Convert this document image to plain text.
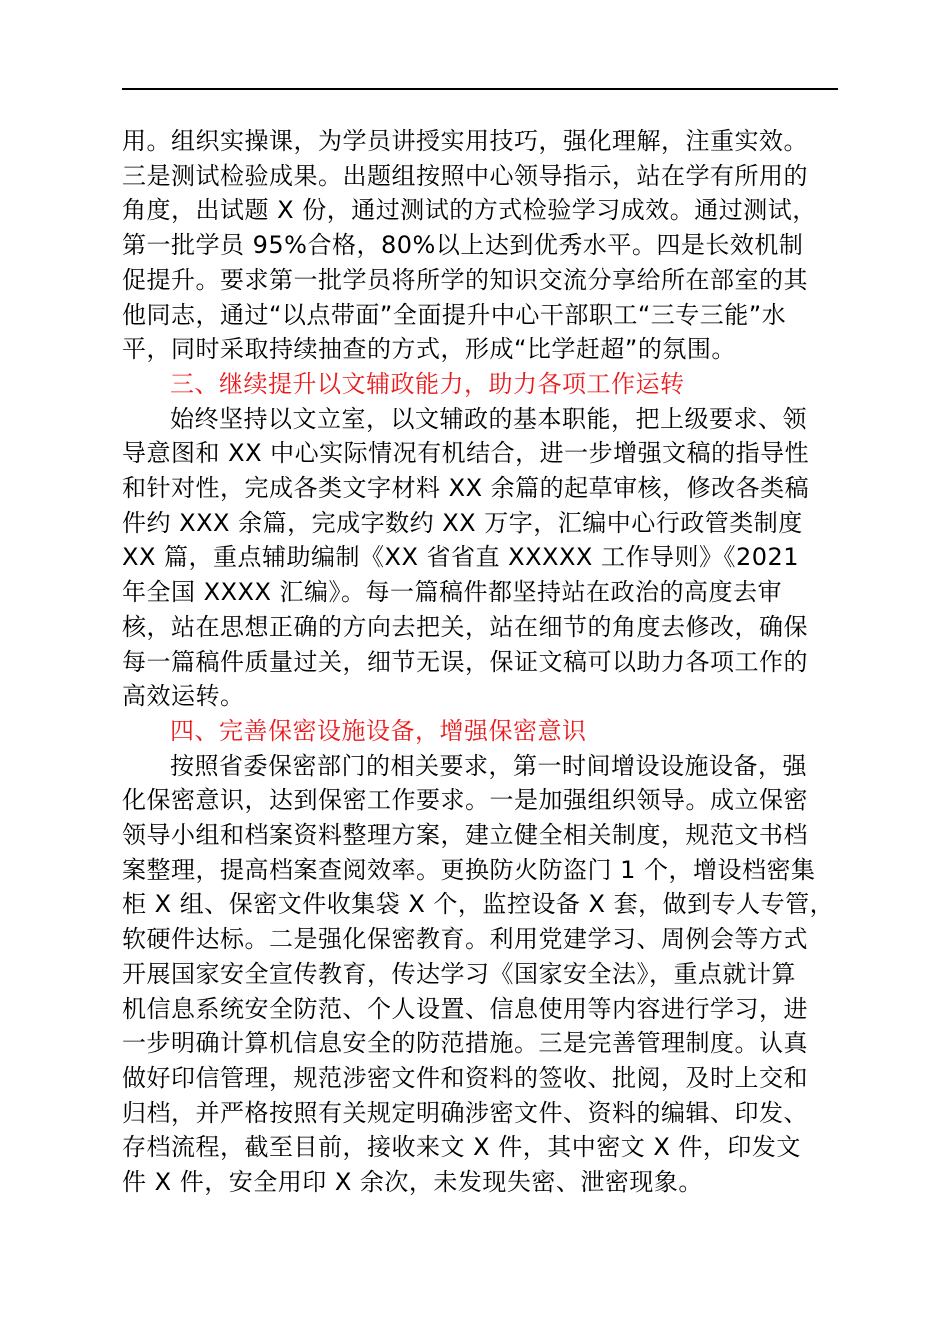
用。组织实操课，为学员讲授实用技巧，强化理解，注重实效。
三是测试检验成果。出题组按照中心领导指示，站在学有所用的
角度，出试题 X 份，通过测试的方式检验学习成效。通过测试，
第一批学员 95%合格，80%以上达到优秀水平。四是长效机制
促提升。要求第一批学员将所学的知识交流分享给所在部室的其
他同志，通过“以点带面”全面提升中心干部职工“三专三能”水
平，同时采取持续抽查的方式，形成“比学赶超”的氛围。
三、继续提升以文辅政能力，助力各项工作运转
始终坚持以文立室，以文辅政的基本职能，把上级要求、领
导意图和 XX 中心实际情况有机结合，进一步增强文稿的指导性
和针对性，完成各类文字材料 XX 余篇的起草审核，修改各类稿
件约 XXX 余篇，完成字数约 XX 万字，汇编中心行政管类制度
XX 篇，重点辅助编制《XX 省省直 XXXXX 工作导则》《2021
年全国 XXXX 汇编》。每一篇稿件都坚持站在政治的高度去审
核，站在思想正确的方向去把关，站在细节的角度去修改，确保
每一篇稿件质量过关，细节无误，保证文稿可以助力各项工作的
高效运转。
四、完善保密设施设备，增强保密意识
按照省委保密部门的相关要求，第一时间增设设施设备，强
化保密意识，达到保密工作要求。一是加强组织领导。成立保密
领导小组和档案资料整理方案，建立健全相关制度，规范文书档
案整理，提高档案查阅效率。更换防火防盗门 1 个，增设档密集
柜 X 组、保密文件收集袋 X 个，监控设备 X 套，做到专人专管，
软硬件达标。二是强化保密教育。利用党建学习、周例会等方式
开展国家安全宣传教育，传达学习《国家安全法》，重点就计算
机信息系统安全防范、个人设置、信息使用等内容进行学习，进
一步明确计算机信息安全的防范措施。三是完善管理制度。认真
做好印信管理，规范涉密文件和资料的签收、批阅，及时上交和
归档，并严格按照有关规定明确涉密文件、资料的编辑、印发、
存档流程，截至目前，接收来文 X 件，其中密文 X 件，印发文
件 X 件，安全用印 X 余次，未发现失密、泄密现象。
